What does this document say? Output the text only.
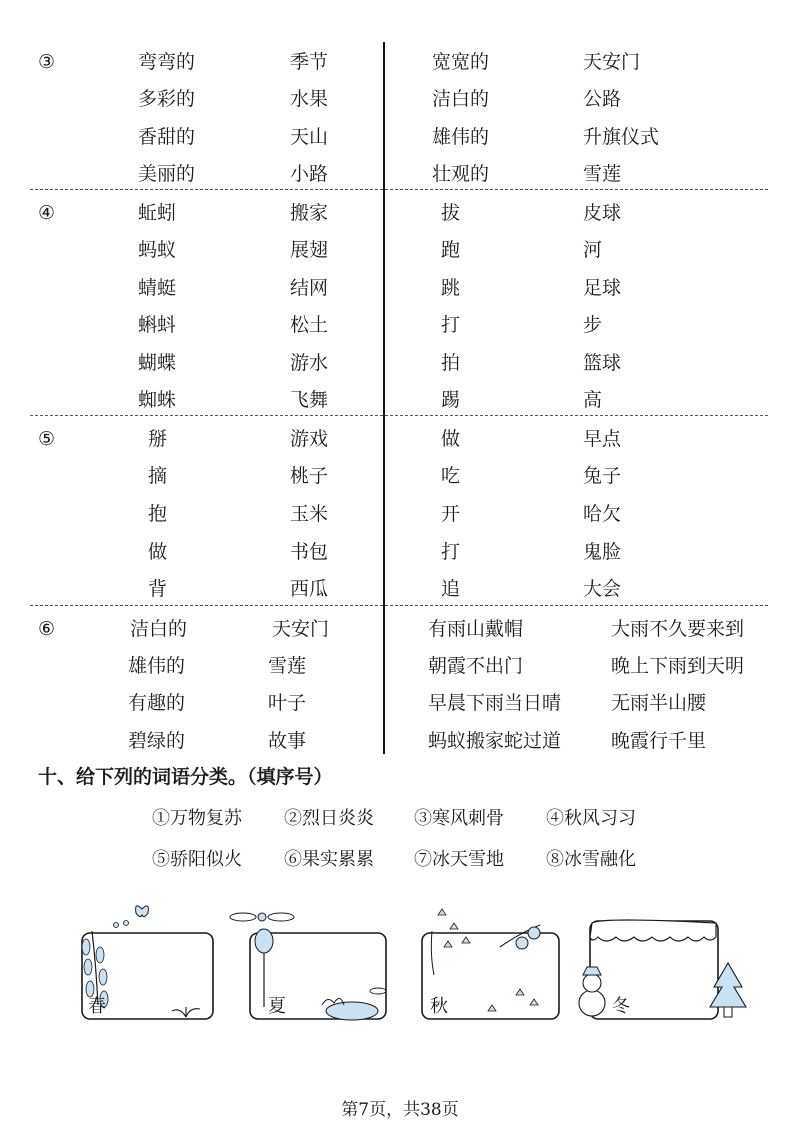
③	弯弯的	季节	宽宽的	天安门
多彩的	水果	洁白的	公路
香甜的	天山	雄伟的	升旗仪式
美丽的	小路	壮观的	雪莲
④	蚯蚓	搬家	拔	皮球
蚂蚁	展翅	跑	河
蜻蜓	结网	跳	足球
蝌蚪	松土	打	步
蝴蝶	游水	拍	篮球
蜘蛛	飞舞	踢	高
⑤	掰	游戏	做	早点
摘	桃子	吃	兔子
抱	玉米	开	哈欠
做	书包	打	鬼脸
背	西瓜	追	大会
⑥	洁白的	天安门	有雨山戴帽	大雨不久要来到
雄伟的	雪莲	朝霞不出门	晚上下雨到天明
有趣的	叶子	早晨下雨当日晴	无雨半山腰
碧绿的	故事	蚂蚁搬家蛇过道	晚霞行千里
十、给下列的词语分类。（填序号）
①万物复苏 ②烈日炎炎 ③寒风刺骨 ④秋风习习
⑤骄阳似火 ⑥果实累累 ⑦冰天雪地 ⑧冰雪融化
春	夏	秋	冬
第7页，共38页
